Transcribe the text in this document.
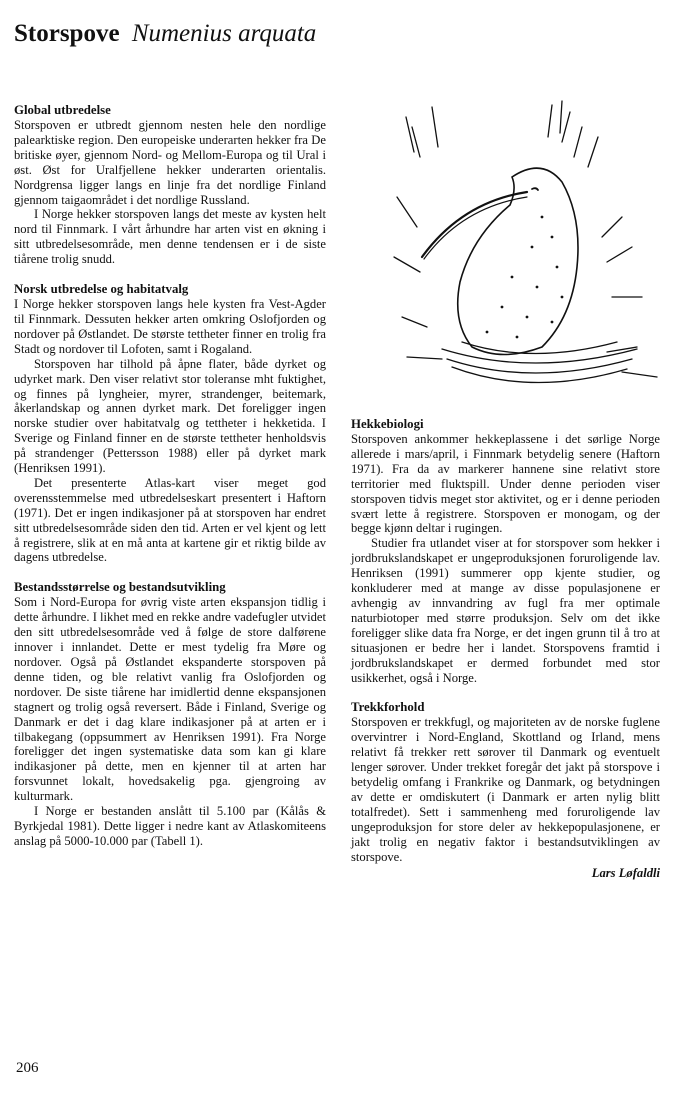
Storspove Numenius arquata
Global utbredelse

Storspoven er utbredt gjennom nesten hele den nordlige palearktiske region. Den europeiske underarten hekker fra De britiske øyer, gjennom Nord- og Mellom-Europa og til Ural i øst. Øst for Uralfjellene hekker underarten orientalis. Nordgrensa ligger langs en linje fra det nordlige Finland gjennom taigaområdet i det nordlige Russland.

I Norge hekker storspoven langs det meste av kysten helt nord til Finnmark. I vårt århundre har arten vist en økning i sitt utbredelsesområde, men denne tendensen er i de siste tiårene trolig snudd.

Norsk utbredelse og habitatvalg

I Norge hekker storspoven langs hele kysten fra Vest-Agder til Finnmark. Dessuten hekker arten omkring Oslofjorden og nordover på Østlandet. De største tettheter finner en trolig fra Stadt og nordover til Lofoten, samt i Rogaland.

Storspoven har tilhold på åpne flater, både dyrket og udyrket mark. Den viser relativt stor toleranse mht fuktighet, og finnes på lyngheier, myrer, strandenger, beitemark, åkerlandskap og annen dyrket mark. Det foreligger ingen norske studier over habitatvalg og tettheter i hekketida. I Sverige og Finland finner en de største tettheter henholdsvis på strandenger (Pettersson 1988) eller på dyrket mark (Henriksen 1991).

Det presenterte Atlas-kart viser meget god overensstemmelse med utbredelseskart presentert i Haftorn (1971). Det er ingen indikasjoner på at storspoven har endret sitt utbredelsesområde siden den tid. Arten er vel kjent og lett å registrere, slik at en må anta at kartene gir et riktig bilde av dagens utbredelse.

Bestandsstørrelse og bestandsutvikling

Som i Nord-Europa for øvrig viste arten ekspansjon tidlig i dette århundre. I likhet med en rekke andre vadefugler utvidet den sitt utbredelsesområde ved å følge de store dalførene innover i innlandet. Dette er mest tydelig fra Møre og nordover. Også på Østlandet ekspanderte storspoven på denne tiden, og ble relativt vanlig fra Oslofjorden og nordover. De siste tiårene har imidlertid denne ekspansjonen stagnert og trolig også reversert. Både i Finland, Sverige og Danmark er det i dag klare indikasjoner på at arten er i tilbakegang (oppsummert av Henriksen 1991). Fra Norge foreligger det ingen systematiske data som kan gi klare indikasjoner på dette, men en kjenner til at arten har forsvunnet lokalt, hovedsakelig pga. gjengroing av kulturmark.

I Norge er bestanden anslått til 5.100 par (Kålås & Byrkjedal 1981). Dette ligger i nedre kant av Atlaskomiteens anslag på 5000-10.000 par (Tabell 1).

Hekkebiologi

Storspoven ankommer hekkeplassene i det sørlige Norge allerede i mars/april, i Finnmark betydelig senere (Haftorn 1971). Fra da av markerer hannene sine relativt store territorier med fluktspill. Under denne perioden viser storspoven tidvis meget stor aktivitet, og er i denne perioden svært lette å registrere. Storspoven er monogam, og der begge kjønn deltar i rugingen.

Studier fra utlandet viser at for storspover som hekker i jordbrukslandskapet er ungeproduksjonen foruroligende lav. Henriksen (1991) summerer opp kjente studier, og konkluderer med at mange av disse populasjonene er avhengig av innvandring av fugl fra mer optimale naturbiotoper med større produksjon. Selv om det ikke foreligger slike data fra Norge, er det ingen grunn til å tro at situasjonen er bedre her i landet. Storspovens framtid i jordbrukslandskapet er dermed forbundet med stor usikkerhet, også i Norge.

Trekkforhold

Storspoven er trekkfugl, og majoriteten av de norske fuglene overvintrer i Nord-England, Skottland og Irland, mens relativt få trekker rett sørover til Danmark og eventuelt lenger sørover. Under trekket foregår det jakt på storspove i betydelig omfang i Frankrike og Danmark, og betydningen av dette er omdiskutert (i Danmark er arten nylig blitt totalfredet). Sett i sammenheng med foruroligende lav ungeproduksjon for store deler av hekkepopulasjonene, er jakt trolig en negativ faktor i bestandsutviklingen av storspove.

Lars Løfaldli
206
